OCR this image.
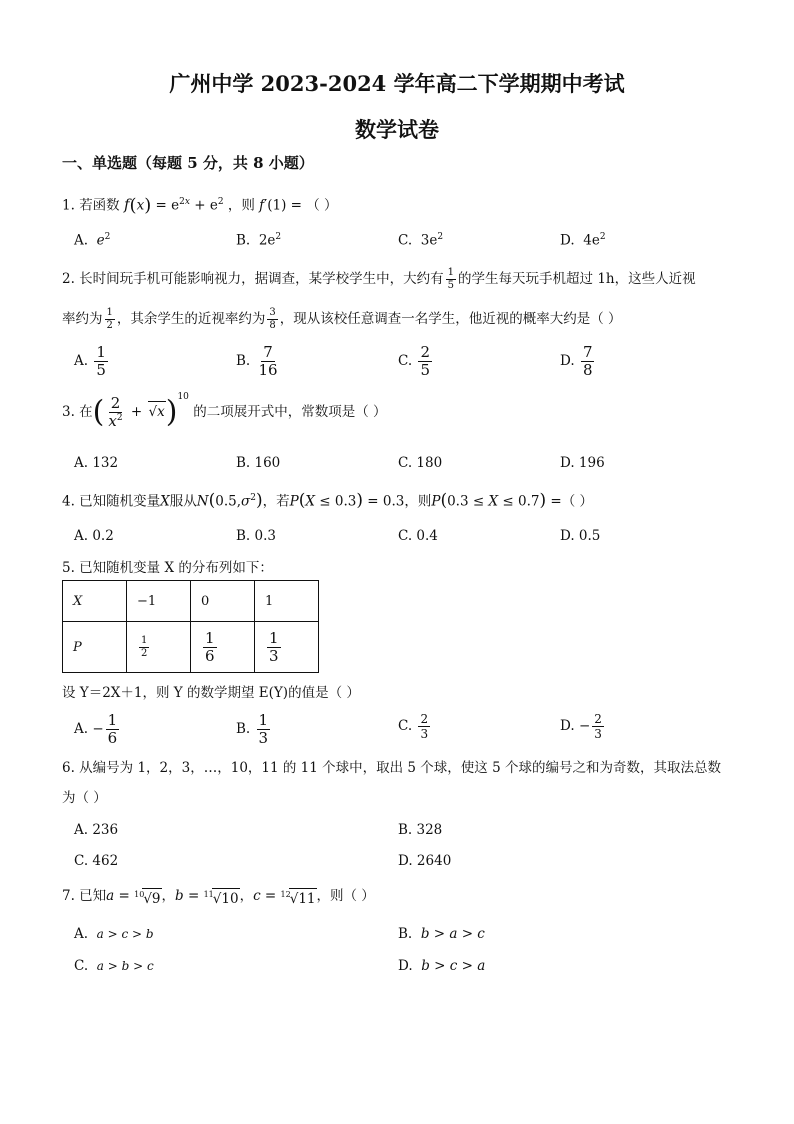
广州中学 2023-2024 学年高二下学期期中考试
数学试卷
一、单选题（每题 5 分，共 8 小题）
1. 若函数 $f(x) = e^{2x} + e^2$ ，则 f′(1) = （ ）
A. $e^2$	B. $2e^2$	C. $3e^2$	D. $4e^2$
2. 长时间玩手机可能影响视力，据调查，某学校学生中，大约有 $\frac{1}{5}$ 的学生每天玩手机超过 1h，这些人近视
率约为 $\frac{1}{2}$ ，其余学生的近视率约为 $\frac{3}{8}$ ，现从该校任意调查一名学生，他近视的概率大约是（ ）
A. $\frac{1}{5}$	B. $\frac{7}{16}$	C. $\frac{2}{5}$	D. $\frac{7}{8}$
3. 在( $\frac{2}{x^2} + √x$ )$^{10}$ 的二项展开式中，常数项是（ ）
A. 132	B. 160	C. 180	D. 196
4. 已知随机变量X服从$N(0.5,\sigma^2)$，若P(X ≤ 0.3) = 0.3，则P(0.3 ≤ X ≤ 0.7) =（ ）
A. 0.2	B. 0.3	C. 0.4	D. 0.5
5. 已知随机变量 X 的分布列如下：
X	−1	0	1
P	$\frac{1}{2}$	$\frac{1}{6}$	$\frac{1}{3}$
设 Y＝2X＋1，则 Y 的数学期望 E(Y)的值是（ ）
A. − $\frac{1}{6}$	B. $\frac{1}{3}$	C. $\frac{2}{3}$	D. − $\frac{2}{3}$
6. 从编号为 1，2，3，…，10，11 的 11 个球中，取出 5 个球，使这 5 个球的编号之和为奇数，其取法总数
为（ ）
A. 236	B. 328
C. 462	D. 2640
7. 已知a = 10 √9 ，b = 11 √10 ，c = 12 √11 ，则（ ）
A. a > c > b	B. b > a > c
C. a > b > c	D. b > c > a
